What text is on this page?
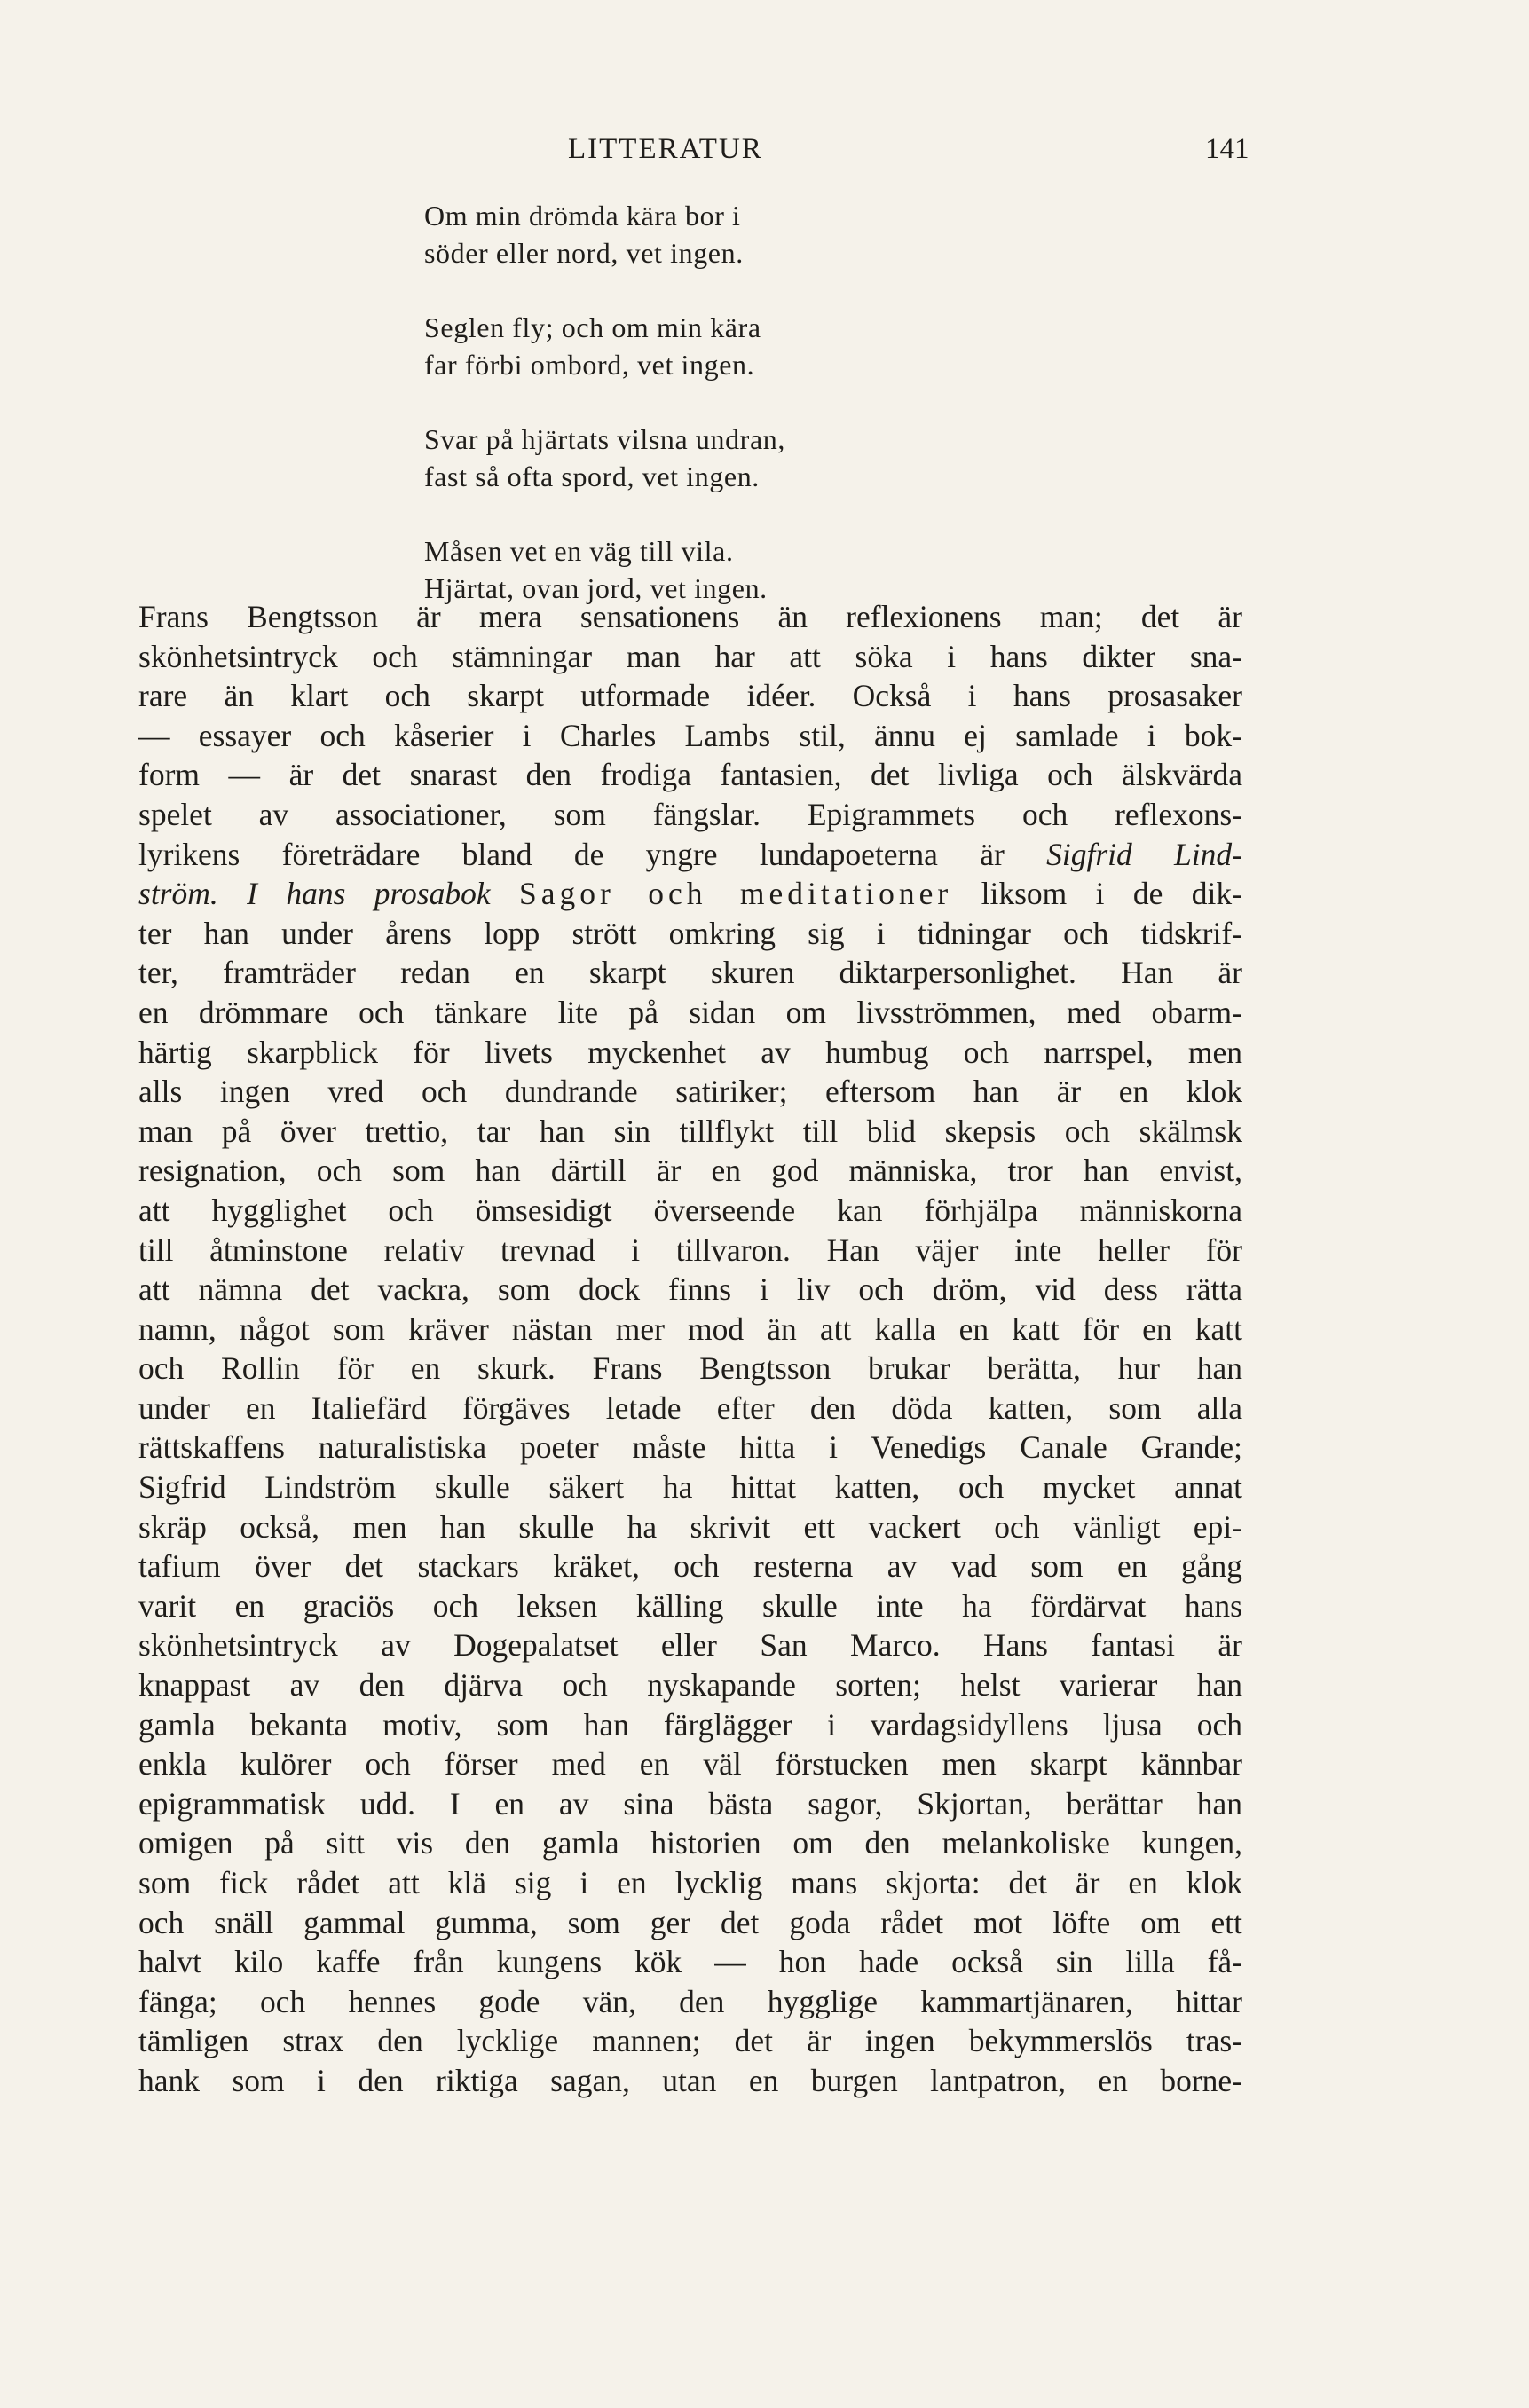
LITTERATUR	141
Om min drömda kära bor i
söder eller nord, vet ingen.
Seglen fly; och om min kära
far förbi ombord, vet ingen.
Svar på hjärtats vilsna undran,
fast så ofta spord, vet ingen.
Måsen vet en väg till vila.
Hjärtat, ovan jord, vet ingen.
Frans Bengtsson är mera sensationens än reflexionens man; det är
skönhetsintryck och stämningar man har att söka i hans dikter sna-
rare än klart och skarpt utformade idéer. Också i hans prosasaker
— essayer och kåserier i Charles Lambs stil, ännu ej samlade i bok-
form — är det snarast den frodiga fantasien, det livliga och älskvärda
spelet av associationer, som fängslar. Epigrammets och reflexons-
lyrikens företrädare bland de yngre lundapoeterna är Sigfrid Lind-
ström. I hans prosabok Sagor och meditationer liksom i de dik-
ter han under årens lopp strött omkring sig i tidningar och tidskrif-
ter, framträder redan en skarpt skuren diktarpersonlighet. Han är
en drömmare och tänkare lite på sidan om livsströmmen, med obarm-
härtig skarpblick för livets myckenhet av humbug och narrspel, men
alls ingen vred och dundrande satiriker; eftersom han är en klok
man på över trettio, tar han sin tillflykt till blid skepsis och skälmsk
resignation, och som han därtill är en god människa, tror han envist,
att hygglighet och ömsesidigt överseende kan förhjälpa människorna
till åtminstone relativ trevnad i tillvaron. Han väjer inte heller för
att nämna det vackra, som dock finns i liv och dröm, vid dess rätta
namn, något som kräver nästan mer mod än att kalla en katt för en katt
och Rollin för en skurk. Frans Bengtsson brukar berätta, hur han
under en Italiefärd förgäves letade efter den döda katten, som alla
rättskaffens naturalistiska poeter måste hitta i Venedigs Canale Grande;
Sigfrid Lindström skulle säkert ha hittat katten, och mycket annat
skräp också, men han skulle ha skrivit ett vackert och vänligt epi-
tafium över det stackars kräket, och resterna av vad som en gång
varit en graciös och leksen källing skulle inte ha fördärvat hans
skönhetsintryck av Dogepalatset eller San Marco. Hans fantasi är
knappast av den djärva och nyskapande sorten; helst varierar han
gamla bekanta motiv, som han färglägger i vardagsidyllens ljusa och
enkla kulörer och förser med en väl förstucken men skarpt kännbar
epigrammatisk udd. I en av sina bästa sagor, Skjortan, berättar han
omigen på sitt vis den gamla historien om den melankoliske kungen,
som fick rådet att klä sig i en lycklig mans skjorta: det är en klok
och snäll gammal gumma, som ger det goda rådet mot löfte om ett
halvt kilo kaffe från kungens kök — hon hade också sin lilla få-
fänga; och hennes gode vän, den hygglige kammartjänaren, hittar
tämligen strax den lycklige mannen; det är ingen bekymmerslös tras-
hank som i den riktiga sagan, utan en burgen lantpatron, en borne-
